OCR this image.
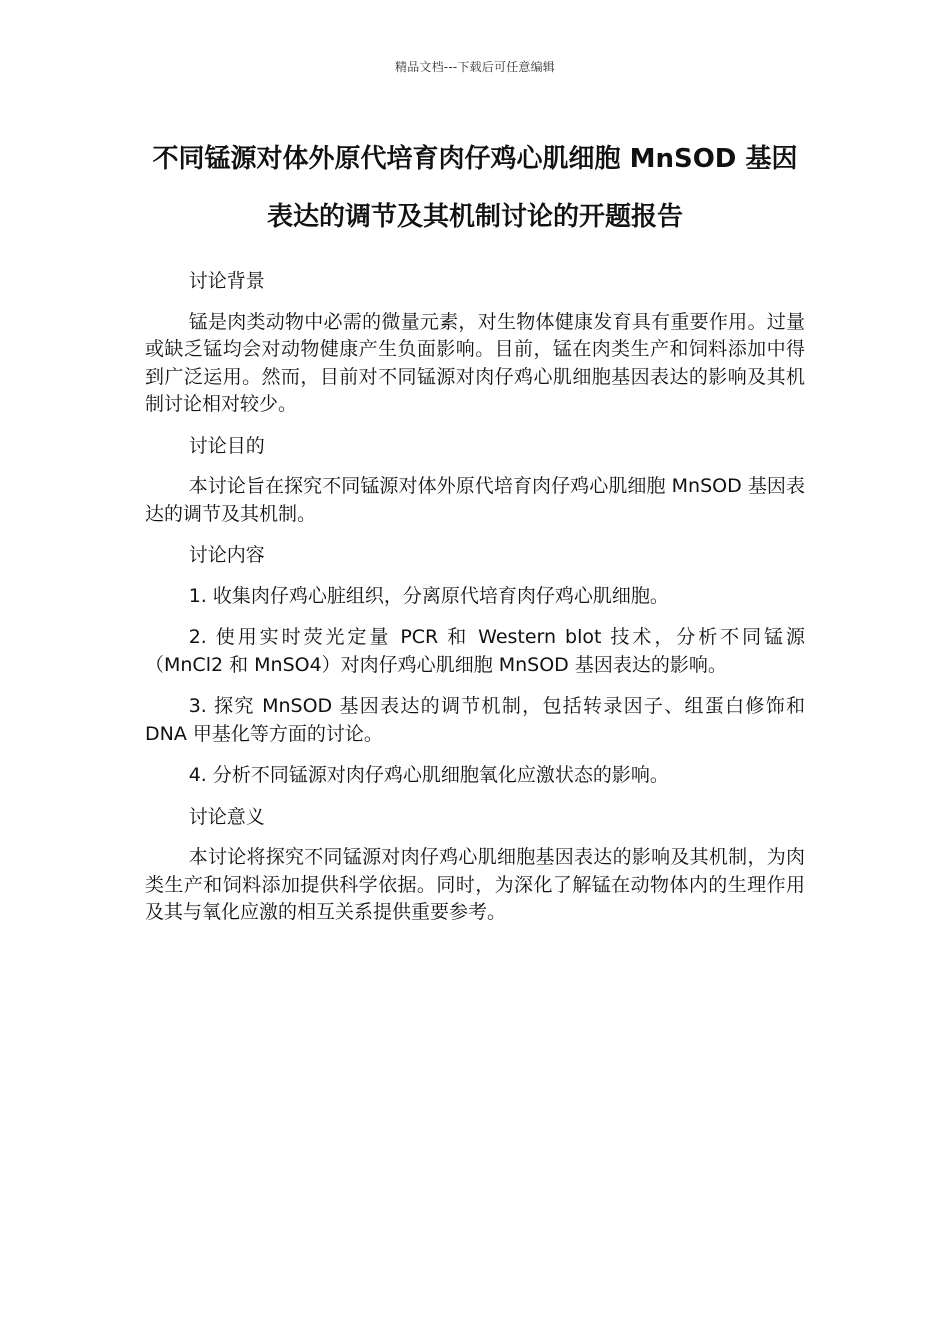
精品文档---下载后可任意编辑
不同锰源对体外原代培育肉仔鸡心肌细胞 MnSOD 基因表达的调节及其机制讨论的开题报告

讨论背景

锰是肉类动物中必需的微量元素，对生物体健康发育具有重要作用。过量或缺乏锰均会对动物健康产生负面影响。目前，锰在肉类生产和饲料添加中得到广泛运用。然而，目前对不同锰源对肉仔鸡心肌细胞基因表达的影响及其机制讨论相对较少。

讨论目的

本讨论旨在探究不同锰源对体外原代培育肉仔鸡心肌细胞 MnSOD 基因表达的调节及其机制。

讨论内容

1. 收集肉仔鸡心脏组织，分离原代培育肉仔鸡心肌细胞。

2. 使用实时荧光定量 PCR 和 Western blot 技术，分析不同锰源（MnCl2 和 MnSO4）对肉仔鸡心肌细胞 MnSOD 基因表达的影响。

3. 探究 MnSOD 基因表达的调节机制，包括转录因子、组蛋白修饰和 DNA 甲基化等方面的讨论。

4. 分析不同锰源对肉仔鸡心肌细胞氧化应激状态的影响。

讨论意义

本讨论将探究不同锰源对肉仔鸡心肌细胞基因表达的影响及其机制，为肉类生产和饲料添加提供科学依据。同时，为深化了解锰在动物体内的生理作用及其与氧化应激的相互关系提供重要参考。
